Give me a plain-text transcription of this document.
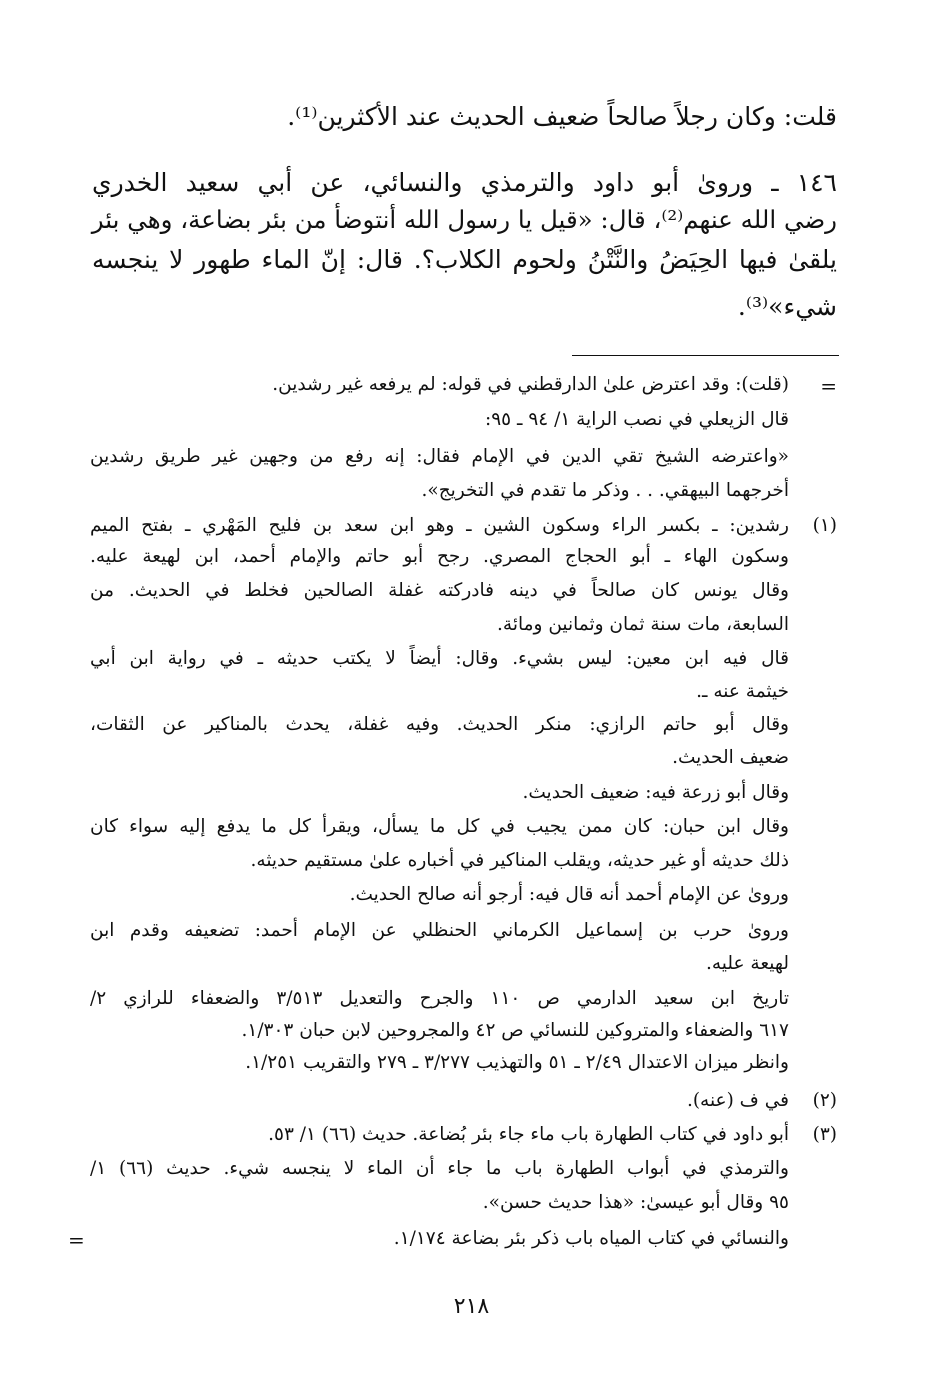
قلت: وكان رجلاً صالحاً ضعيف الحديث عند الأكثرين⁽¹⁾.
١٤٦ ـ وروىٰ أبو داود والترمذي والنسائي، عن أبي سعيد الخدري
رضي الله عنهم⁽²⁾، قال: «قيل يا رسول الله أنتوضأ من بئر بضاعة، وهي بئر
يلقىٰ فيها الحِيَضُ والنَّتْنُ ولحوم الكلاب؟. قال: إنّ الماء طهور لا ينجسه
شيء»⁽³⁾.
=
(قلت): وقد اعترض علىٰ الدارقطني في قوله: لم يرفعه غير رشدين.
قال الزيعلي في نصب الراية ١/ ٩٤ ـ ٩٥:
«واعترضه الشيخ تقي الدين في الإمام فقال: إنه رفع من وجهين غير طريق رشدين
أخرجهما البيهقي. . . وذكر ما تقدم في التخريج».
(١)
رشدين: ـ بكسر الراء وسكون الشين ـ وهو ابن سعد بن فليح المَهْري ـ بفتح الميم
وسكون الهاء ـ أبو الحجاج المصري. رجح أبو حاتم والإمام أحمد، ابن لهيعة عليه.
وقال يونس كان صالحاً في دينه فادركته غفلة الصالحين فخلط في الحديث. من
السابعة، مات سنة ثمان وثمانين ومائة.
قال فيه ابن معين: ليس بشيء. وقال: أيضاً لا يكتب حديثه ـ في رواية ابن أبي
خيثمة عنه ـ.
وقال أبو حاتم الرازي: منكر الحديث. وفيه غفلة، يحدث بالمناكير عن الثقات،
ضعيف الحديث.
وقال أبو زرعة فيه: ضعيف الحديث.
وقال ابن حبان: كان ممن يجيب في كل ما يسأل، ويقرأ كل ما يدفع إليه سواء كان
ذلك حديثه أو غير حديثه، ويقلب المناكير في أخباره علىٰ مستقيم حديثه.
وروىٰ عن الإمام أحمد أنه قال فيه: أرجو أنه صالح الحديث.
وروىٰ حرب بن إسماعيل الكرماني الحنظلي عن الإمام أحمد: تضعيفه وقدم ابن
لهيعة عليه.
تاريخ ابن سعيد الدارمي ص ١١٠ والجرح والتعديل ٣/٥١٣ والضعفاء للرازي ٢/
٦١٧ والضعفاء والمتروكين للنسائي ص ٤٢ والمجروحين لابن حبان ١/٣٠٣.
وانظر ميزان الاعتدال ٢/٤٩ ـ ٥١ والتهذيب ٣/٢٧٧ ـ ٢٧٩ والتقريب ١/٢٥١.
(٢)
في ف (عنه).
(٣)
أبو داود في كتاب الطهارة باب ماء جاء بئر بُضاعة. حديث (٦٦) ١/ ٥٣.
والترمذي في أبواب الطهارة باب ما جاء أن الماء لا ينجسه شيء. حديث (٦٦) ١/
٩٥ وقال أبو عيسىٰ: «هذا حديث حسن».
والنسائي في كتاب المياه باب ذكر بئر بضاعة ١/١٧٤.
=
٢١٨
